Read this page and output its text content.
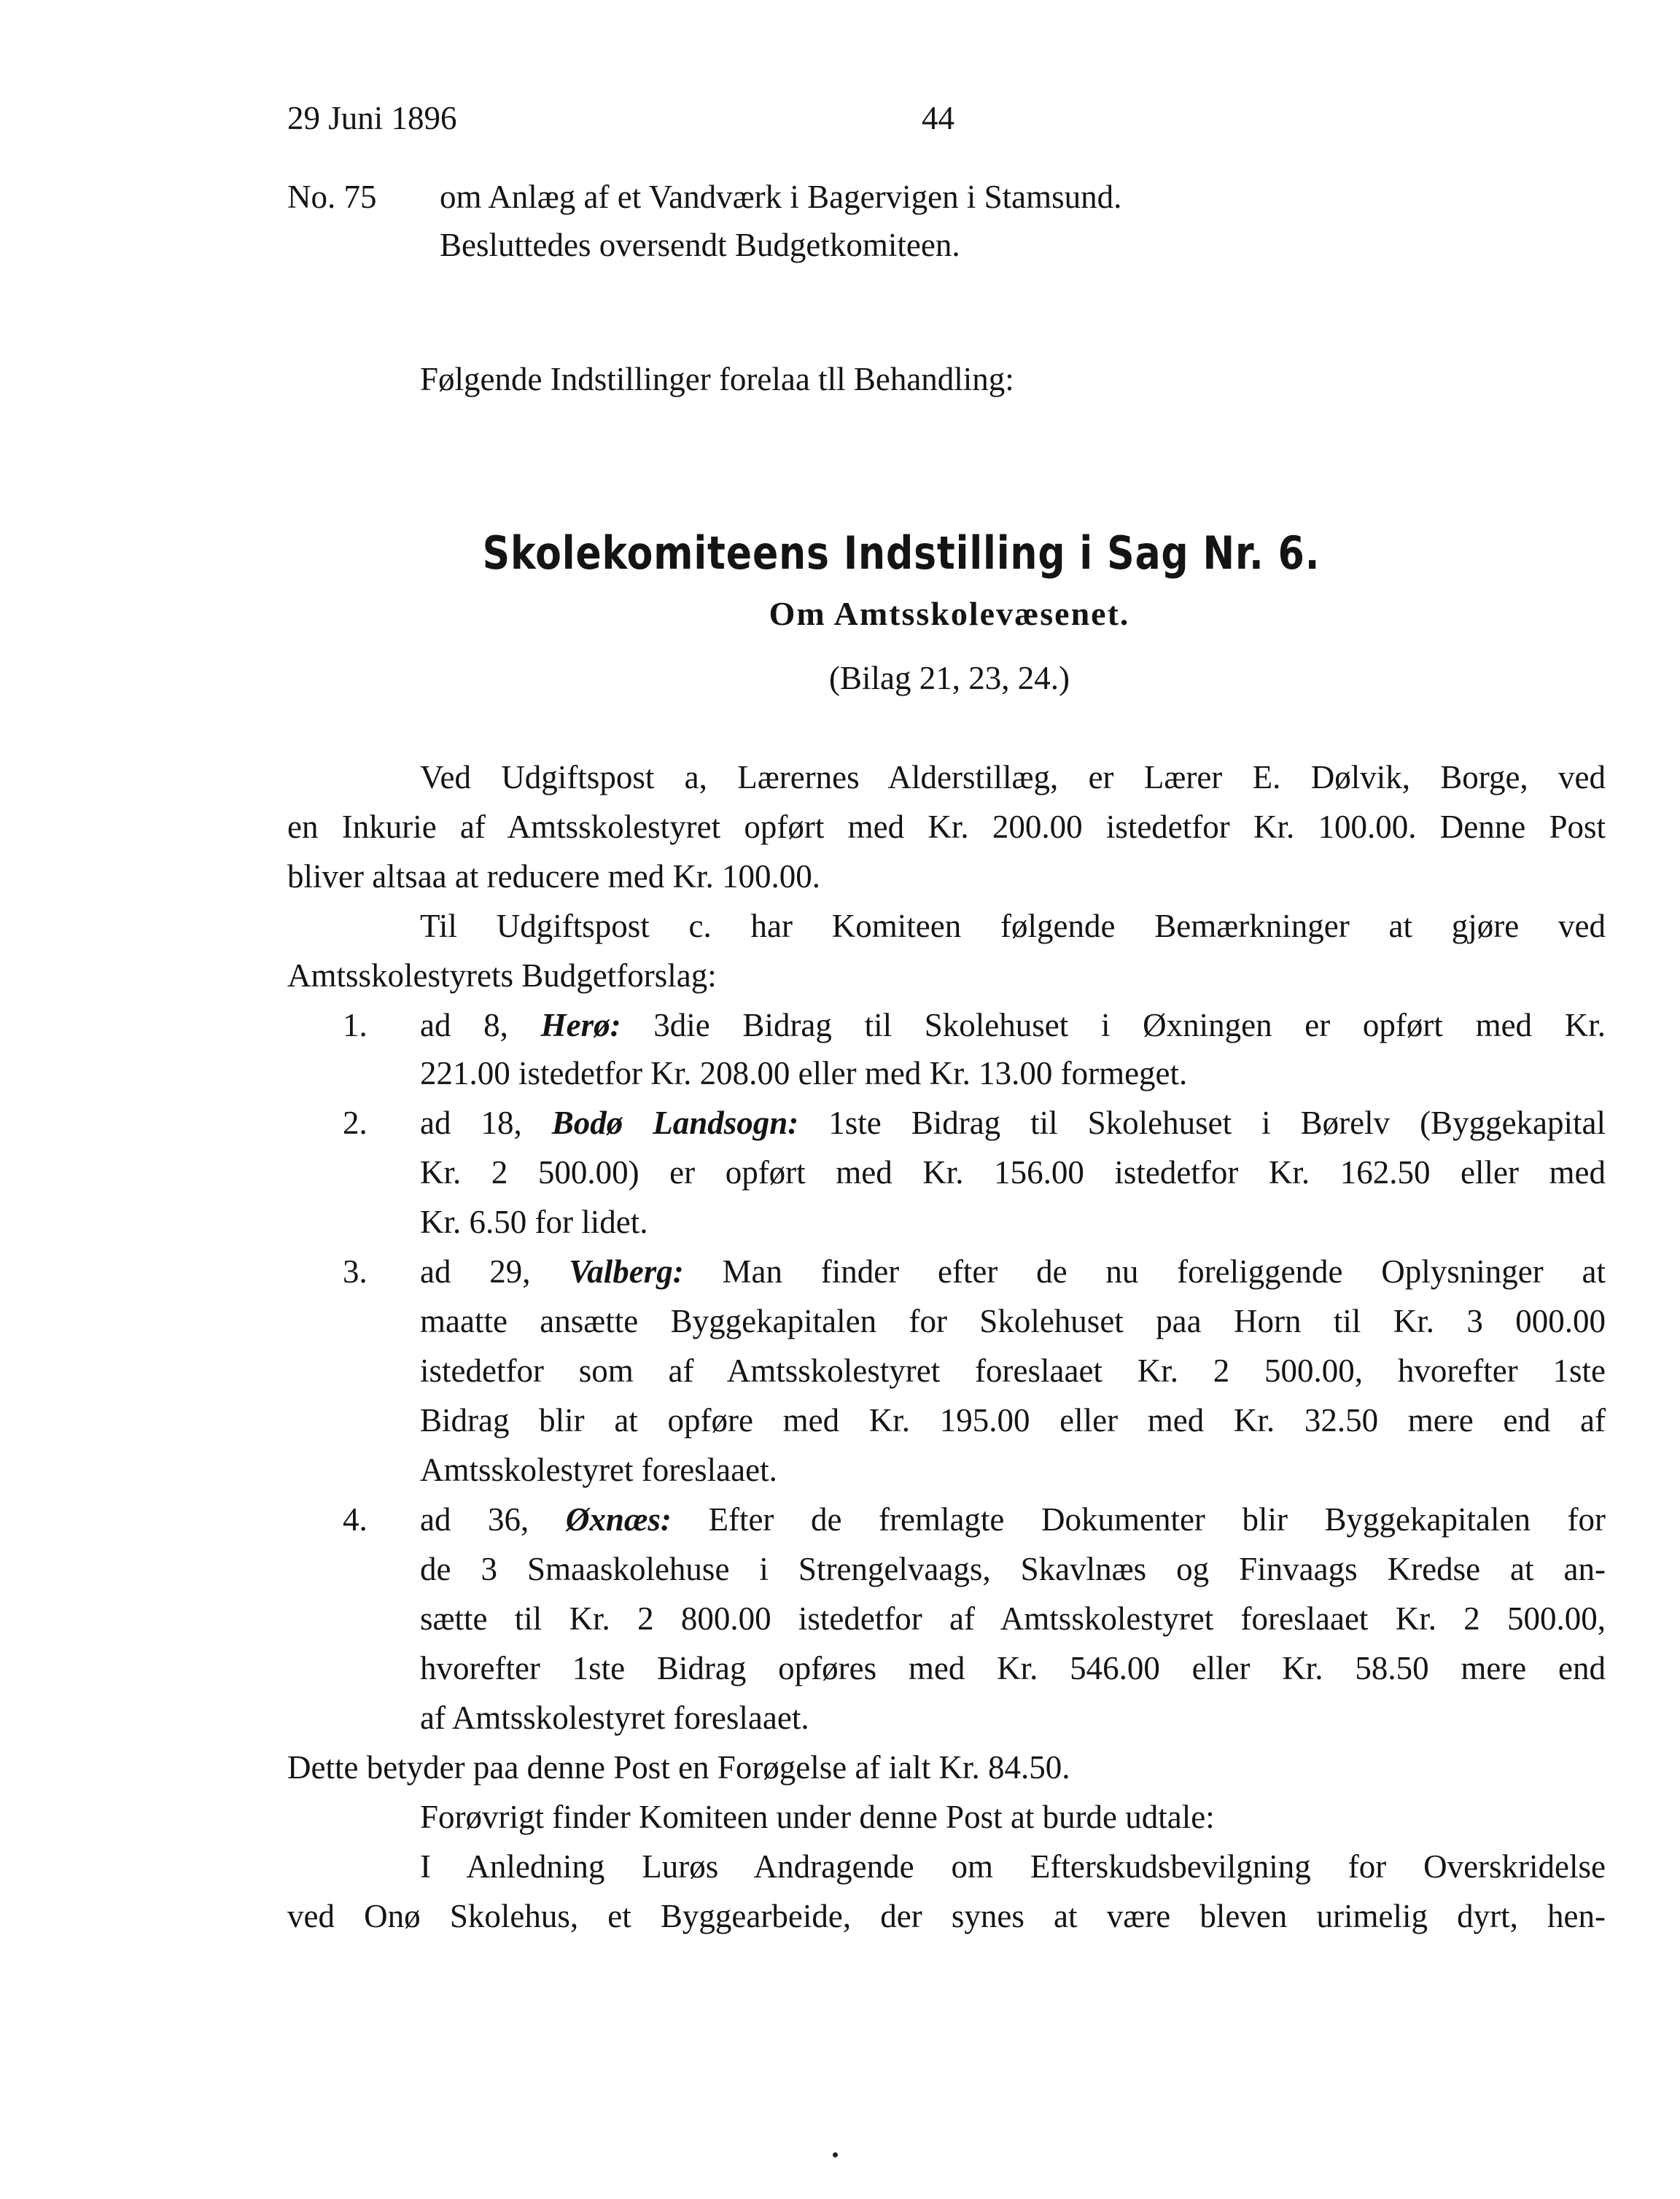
29 Juni 1896	44
No. 75 om Anlæg af et Vandværk i Bagervigen i Stamsund.
Besluttedes oversendt Budgetkomiteen.
Følgende Indstillinger forelaa tll Behandling:
Skolekomiteens Indstilling i Sag Nr. 6.
Om Amtsskolevæsenet.
(Bilag 21, 23, 24.)
Ved Udgiftspost a, Lærernes Alderstillæg, er Lærer E. Dølvik, Borge, ved
en Inkurie af Amtsskolestyret opført med Kr. 200.00 istedetfor Kr. 100.00. Denne Post
bliver altsaa at reducere med Kr. 100.00.
Til Udgiftspost c. har Komiteen følgende Bemærkninger at gjøre ved
Amtsskolestyrets Budgetforslag:
1. ad 8, Herø: 3die Bidrag til Skolehuset i Øxningen er opført med Kr.
221.00 istedetfor Kr. 208.00 eller med Kr. 13.00 formeget.
2. ad 18, Bodø Landsogn: 1ste Bidrag til Skolehuset i Børelv (Byggekapital
Kr. 2 500.00) er opført med Kr. 156.00 istedetfor Kr. 162.50 eller med
Kr. 6.50 for lidet.
3. ad 29, Valberg: Man finder efter de nu foreliggende Oplysninger at
maatte ansætte Byggekapitalen for Skolehuset paa Horn til Kr. 3 000.00
istedetfor som af Amtsskolestyret foreslaaet Kr. 2 500.00, hvorefter 1ste
Bidrag blir at opføre med Kr. 195.00 eller med Kr. 32.50 mere end af
Amtsskolestyret foreslaaet.
4. ad 36, Øxnæs: Efter de fremlagte Dokumenter blir Byggekapitalen for
de 3 Smaaskolehuse i Strengelvaags, Skavlnæs og Finvaags Kredse at an-
sætte til Kr. 2 800.00 istedetfor af Amtsskolestyret foreslaaet Kr. 2 500.00,
hvorefter 1ste Bidrag opføres med Kr. 546.00 eller Kr. 58.50 mere end
af Amtsskolestyret foreslaaet.
Dette betyder paa denne Post en Forøgelse af ialt Kr. 84.50.
Forøvrigt finder Komiteen under denne Post at burde udtale:
I Anledning Lurøs Andragende om Efterskudsbevilgning for Overskridelse
ved Onø Skolehus, et Byggearbeide, der synes at være bleven urimelig dyrt, hen-
